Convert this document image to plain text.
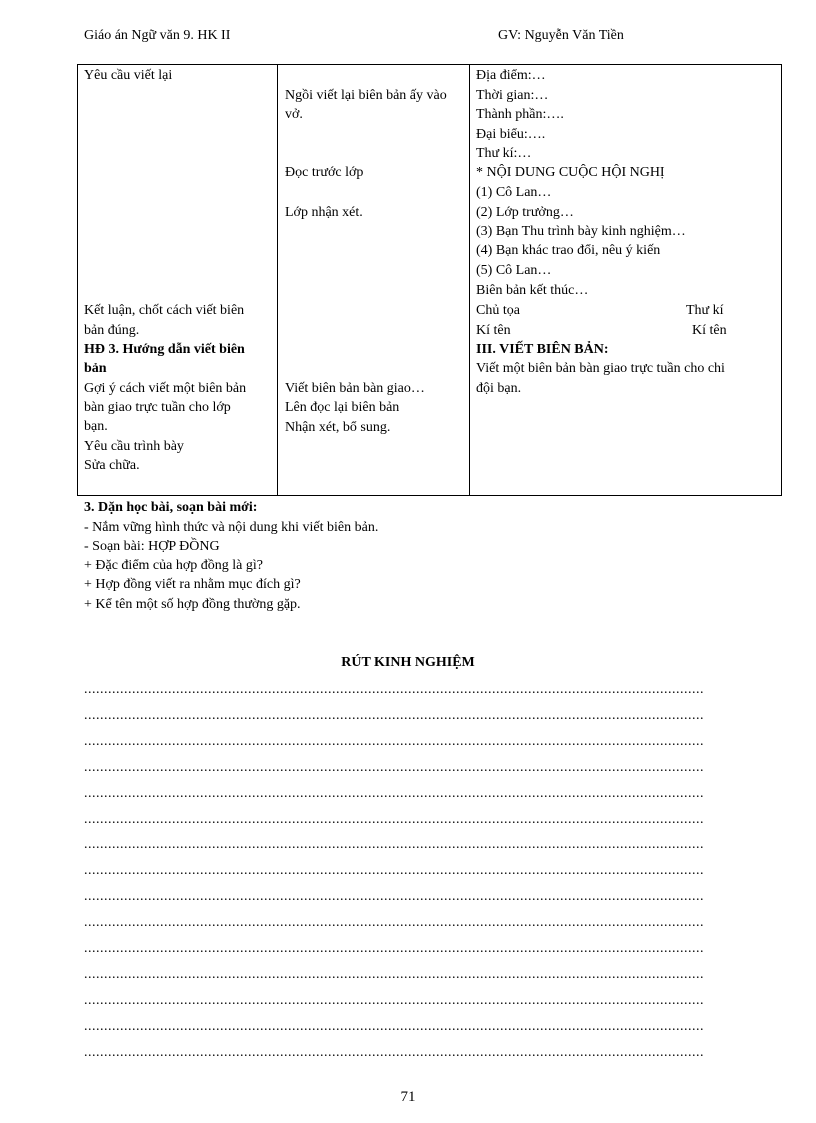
Giáo án Ngữ văn 9. HK II	GV: Nguyễn Văn Tiền
Yêu cầu viết lại
Kết luận, chốt cách viết biên
bản đúng.
HĐ 3. Hướng dẫn viết biên
bản
Gợi ý cách viết một biên bản
bàn giao trực tuần cho lớp
bạn.
Yêu cầu trình bày
Sửa chữa.

Ngồi viết lại biên bản ấy vào
vở.
Đọc trước lớp
Lớp nhận xét.
Viết biên bản bàn giao…
Lên đọc lại biên bản
Nhận xét, bổ sung.

Địa điểm:…
Thời gian:…
Thành phần:….
Đại biểu:….
Thư kí:…
* NỘI DUNG CUỘC HỘI NGHỊ
(1) Cô Lan…
(2) Lớp trưởng…
(3) Bạn Thu trình bày kinh nghiệm…
(4) Bạn khác trao đổi, nêu ý kiến
(5) Cô Lan…
Biên bản kết thúc…
Chủ tọa	Thư kí
Kí tên	Kí tên
III. VIẾT BIÊN BẢN:
Viết một biên bản bàn giao trực tuần cho chi
đội bạn.
3. Dặn học bài, soạn bài mới:
- Nắm vững hình thức và nội dung khi viết biên bản.
- Soạn bài: HỢP ĐỒNG
+ Đặc điểm của hợp đồng là gì?
+ Hợp đồng viết ra nhằm mục đích gì?
+ Kể tên một số hợp đồng thường gặp.
RÚT KINH NGHIỆM
...........................................................................................................................................................
...........................................................................................................................................................
...........................................................................................................................................................
...........................................................................................................................................................
...........................................................................................................................................................
...........................................................................................................................................................
...........................................................................................................................................................
...........................................................................................................................................................
...........................................................................................................................................................
...........................................................................................................................................................
...........................................................................................................................................................
...........................................................................................................................................................
...........................................................................................................................................................
...........................................................................................................................................................
...........................................................................................................................................................
71
